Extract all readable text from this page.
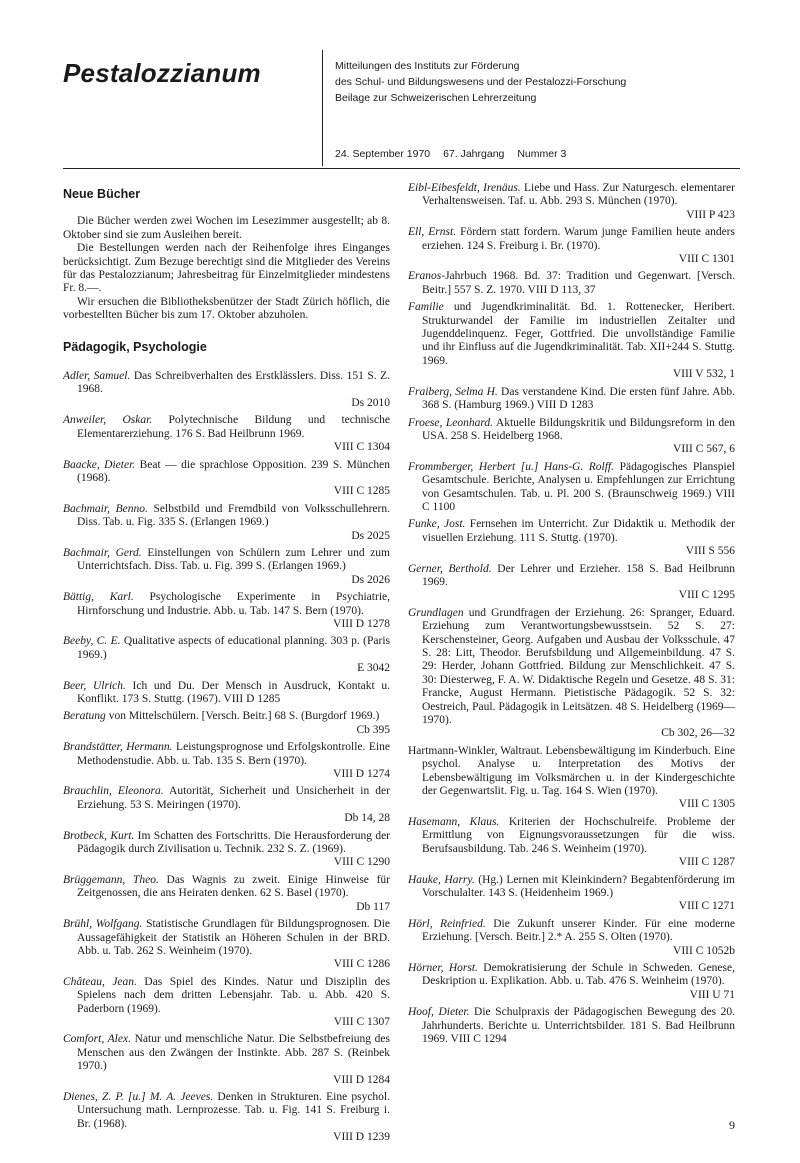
Pestalozzianum	Mitteilungen des Instituts zur Förderung
des Schul- und Bildungswesens und der Pestalozzi-Forschung
Beilage zur Schweizerischen Lehrerzeitung
24. September 1970 67. Jahrgang Nummer 3
Neue Bücher

Die Bücher werden zwei Wochen im Lesezimmer ausgestellt; ab 8. Oktober sind sie zum Ausleihen bereit.

Die Bestellungen werden nach der Reihenfolge ihres Einganges berücksichtigt. Zum Bezuge berechtigt sind die Mitglieder des Vereins für das Pestalozzianum; Jahresbeitrag für Einzelmitglieder mindestens Fr. 8.—.

Wir ersuchen die Bibliotheksbenützer der Stadt Zürich höflich, die vorbestellten Bücher bis zum 17. Oktober abzuholen.

Pädagogik, Psychologie

Adler, Samuel. Das Schreibverhalten des Erstklässlers. Diss. 151 S. Z. 1968.
Ds 2010

Anweiler, Oskar. Polytechnische Bildung und technische Elementarerziehung. 176 S. Bad Heilbrunn 1969.
VIII C 1304

Baacke, Dieter. Beat — die sprachlose Opposition. 239 S. München (1968).
VIII C 1285

Bachmair, Benno. Selbstbild und Fremdbild von Volksschullehrern. Diss. Tab. u. Fig. 335 S. (Erlangen 1969.)
Ds 2025

Bachmair, Gerd. Einstellungen von Schülern zum Lehrer und zum Unterrichtsfach. Diss. Tab. u. Fig. 399 S. (Erlangen 1969.)
Ds 2026

Bättig, Karl. Psychologische Experimente in Psychiatrie, Hirnforschung und Industrie. Abb. u. Tab. 147 S. Bern (1970).
VIII D 1278

Beeby, C. E. Qualitative aspects of educational planning. 303 p. (Paris 1969.)
E 3042

Beer, Ulrich. Ich und Du. Der Mensch in Ausdruck, Kontakt u. Konflikt. 173 S. Stuttg. (1967). VIII D 1285

Beratung von Mittelschülern. [Versch. Beitr.] 68 S. (Burgdorf 1969.)
Cb 395

Brandstätter, Hermann. Leistungsprognose und Erfolgskontrolle. Eine Methodenstudie. Abb. u. Tab. 135 S. Bern (1970).
VIII D 1274

Brauchlin, Eleonora. Autorität, Sicherheit und Unsicherheit in der Erziehung. 53 S. Meiringen (1970).
Db 14, 28

Brotbeck, Kurt. Im Schatten des Fortschritts. Die Herausforderung der Pädagogik durch Zivilisation u. Technik. 232 S. Z. (1969).
VIII C 1290

Brüggemann, Theo. Das Wagnis zu zweit. Einige Hinweise für Zeitgenossen, die ans Heiraten denken. 62 S. Basel (1970).
Db 117

Brühl, Wolfgang. Statistische Grundlagen für Bildungsprognosen. Die Aussagefähigkeit der Statistik an Höheren Schulen in der BRD. Abb. u. Tab. 262 S. Weinheim (1970).
VIII C 1286

Château, Jean. Das Spiel des Kindes. Natur und Disziplin des Spielens nach dem dritten Lebensjahr. Tab. u. Abb. 420 S. Paderborn (1969).
VIII C 1307

Comfort, Alex. Natur und menschliche Natur. Die Selbstbefreiung des Menschen aus den Zwängen der Instinkte. Abb. 287 S. (Reinbek 1970.)
VIII D 1284

Dienes, Z. P. [u.] M. A. Jeeves. Denken in Strukturen. Eine psychol. Untersuchung math. Lernprozesse. Tab. u. Fig. 141 S. Freiburg i. Br. (1968).
VIII D 1239

Eibl-Eibesfeldt, Irenäus. Liebe und Hass. Zur Naturgesch. elementarer Verhaltensweisen. Taf. u. Abb. 293 S. München (1970).
VIII P 423

Ell, Ernst. Fördern statt fordern. Warum junge Familien heute anders erziehen. 124 S. Freiburg i. Br. (1970).
VIII C 1301

Eranos-Jahrbuch 1968. Bd. 37: Tradition und Gegenwart. [Versch. Beitr.] 557 S. Z. 1970. VIII D 113, 37

Familie und Jugendkriminalität. Bd. 1. Rottenecker, Heribert. Strukturwandel der Familie im industriellen Zeitalter und Jugenddelinquenz. Feger, Gottfried. Die unvollständige Familie und ihr Einfluss auf die Jugendkriminalität. Tab. XII+244 S. Stuttg. 1969.
VIII V 532, 1

Fraiberg, Selma H. Das verstandene Kind. Die ersten fünf Jahre. Abb. 368 S. (Hamburg 1969.) VIII D 1283

Froese, Leonhard. Aktuelle Bildungskritik und Bildungsreform in den USA. 258 S. Heidelberg 1968.
VIII C 567, 6

Frommberger, Herbert [u.] Hans-G. Rolff. Pädagogisches Planspiel Gesamtschule. Berichte, Analysen u. Empfehlungen zur Errichtung von Gesamtschulen. Tab. u. Pl. 200 S. (Braunschweig 1969.) VIII C 1100

Funke, Jost. Fernsehen im Unterricht. Zur Didaktik u. Methodik der visuellen Erziehung. 111 S. Stuttg. (1970).
VIII S 556

Gerner, Berthold. Der Lehrer und Erzieher. 158 S. Bad Heilbrunn 1969.
VIII C 1295

Grundlagen und Grundfragen der Erziehung. 26: Spranger, Eduard. Erziehung zum Verantwortungsbewusstsein. 52 S. 27: Kerschensteiner, Georg. Aufgaben und Ausbau der Volksschule. 47 S. 28: Litt, Theodor. Berufsbildung und Allgemeinbildung. 47 S. 29: Herder, Johann Gottfried. Bildung zur Menschlichkeit. 47 S. 30: Diesterweg, F. A. W. Didaktische Regeln und Gesetze. 48 S. 31: Francke, August Hermann. Pietistische Pädagogik. 52 S. 32: Oestreich, Paul. Pädagogik in Leitsätzen. 48 S. Heidelberg (1969—1970).
Cb 302, 26—32

Hartmann-Winkler, Waltraut. Lebensbewältigung im Kinderbuch. Eine psychol. Analyse u. Interpretation des Motivs der Lebensbewältigung im Volksmärchen u. in der Kindergeschichte der Gegenwartslit. Fig. u. Tag. 164 S. Wien (1970).
VIII C 1305

Hasemann, Klaus. Kriterien der Hochschulreife. Probleme der Ermittlung von Eignungsvoraussetzungen für die wiss. Berufsausbildung. Tab. 246 S. Weinheim (1970).
VIII C 1287

Hauke, Harry. (Hg.) Lernen mit Kleinkindern? Begabtenförderung im Vorschulalter. 143 S. (Heidenheim 1969.)
VIII C 1271

Hörl, Reinfried. Die Zukunft unserer Kinder. Für eine moderne Erziehung. [Versch. Beitr.] 2.* A. 255 S. Olten (1970).
VIII C 1052b

Hörner, Horst. Demokratisierung der Schule in Schweden. Genese, Deskription u. Explikation. Abb. u. Tab. 476 S. Weinheim (1970).
VIII U 71

Hoof, Dieter. Die Schulpraxis der Pädagogischen Bewegung des 20. Jahrhunderts. Berichte u. Unterrichtsbilder. 181 S. Bad Heilbrunn 1969. VIII C 1294

9
